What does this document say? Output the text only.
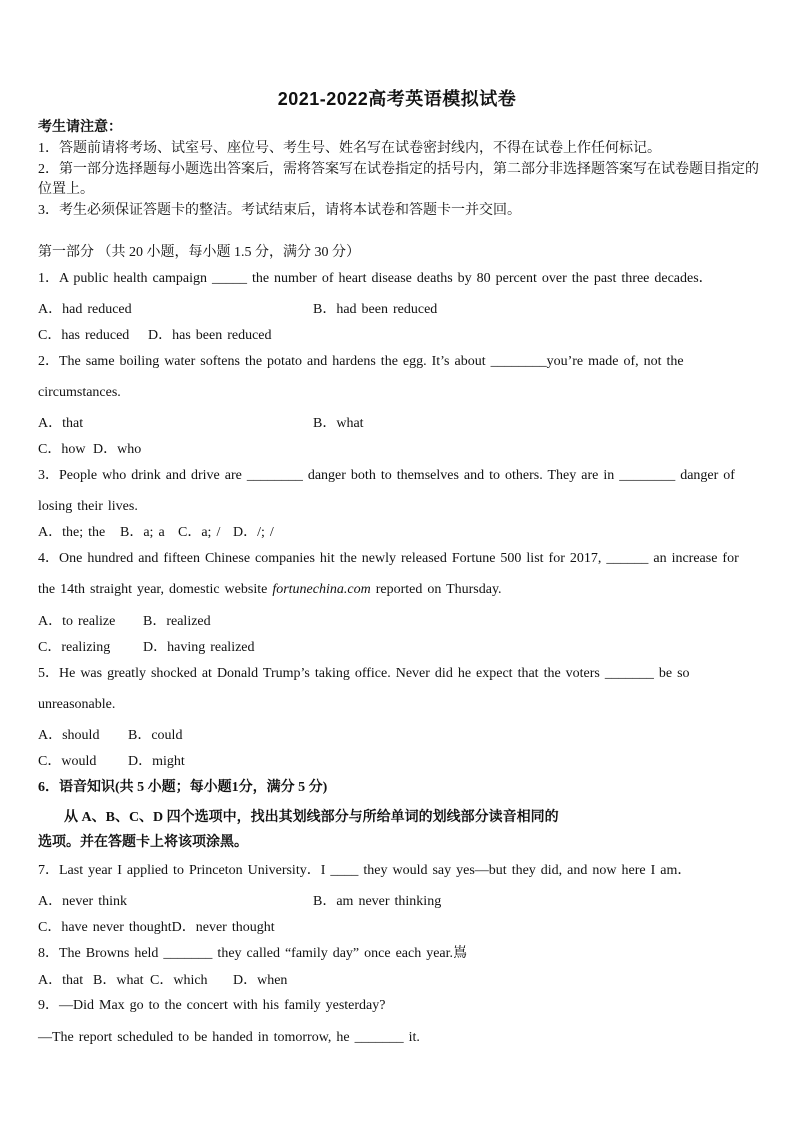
2021-2022高考英语模拟试卷
考生请注意：
1．答题前请将考场、试室号、座位号、考生号、姓名写在试卷密封线内，不得在试卷上作任何标记。
2．第一部分选择题每小题选出答案后，需将答案写在试卷指定的括号内，第二部分非选择题答案写在试卷题目指定的
位置上。
3．考生必须保证答题卡的整洁。考试结束后，请将本试卷和答题卡一并交回。
第一部分 （共 20 小题，每小题 1.5 分，满分 30 分）
1．A public health campaign _____ the number of heart disease deaths by 80 percent over the past three decades．
A．had reduced	B．had been reduced
C．has reduced D．has been reduced
2．The same boiling water softens the potato and hardens the egg. It’s about ________you’re made of, not the
circumstances.
A．that	B．what
C．how D．who
3．People who drink and drive are ________ danger both to themselves and to others. They are in ________ danger of
losing their lives.
A．the; the B．a; a C．a; / D．/; /
4．One hundred and fifteen Chinese companies hit the newly released Fortune 500 list for 2017, ______ an increase for
the 14th straight year, domestic website fortunechina.com reported on Thursday.
A．to realize B．realized
C．realizing D．having realized
5．He was greatly shocked at Donald Trump’s taking office. Never did he expect that the voters _______ be so
unreasonable.
A．should B．could
C．would D．might
6．语音知识(共 5 小题；每小题1分，满分 5 分)
从 A、B、C、D 四个选项中，找出其划线部分与所给单词的划线部分读音相同的
选项。并在答题卡上将该项涂黑。
7．Last year I applied to Princeton University．I ____ they would say yes—but they did, and now here I am．
A．never think	B．am never thinking
C．have never thoughtD．never thought
8．The Browns held _______ they called “family day” once each year.嶌
A．that B．what C．which D．when
9．—Did Max go to the concert with his family yesterday?
—The report scheduled to be handed in tomorrow, he _______ it.
